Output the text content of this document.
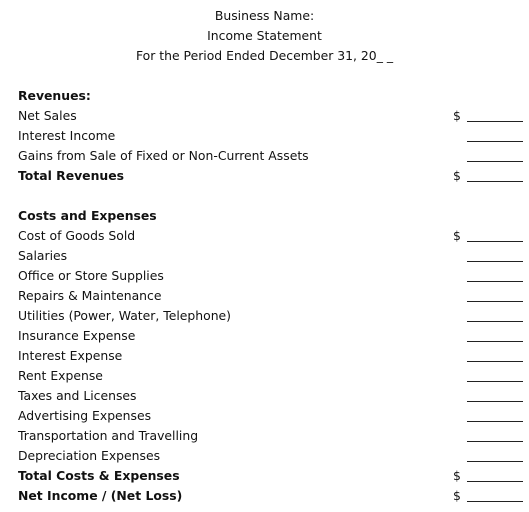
Business Name:
Income Statement
For the Period Ended December 31, 20_ _
Revenues:
Net Sales	$
Interest Income
Gains from Sale of Fixed or Non-Current Assets
Total Revenues	$
Costs and Expenses
Cost of Goods Sold	$
Salaries
Office or Store Supplies
Repairs & Maintenance
Utilities (Power, Water, Telephone)
Insurance Expense
Interest Expense
Rent Expense
Taxes and Licenses
Advertising Expenses
Transportation and Travelling
Depreciation Expenses
Total Costs & Expenses	$
Net Income / (Net Loss)	$
